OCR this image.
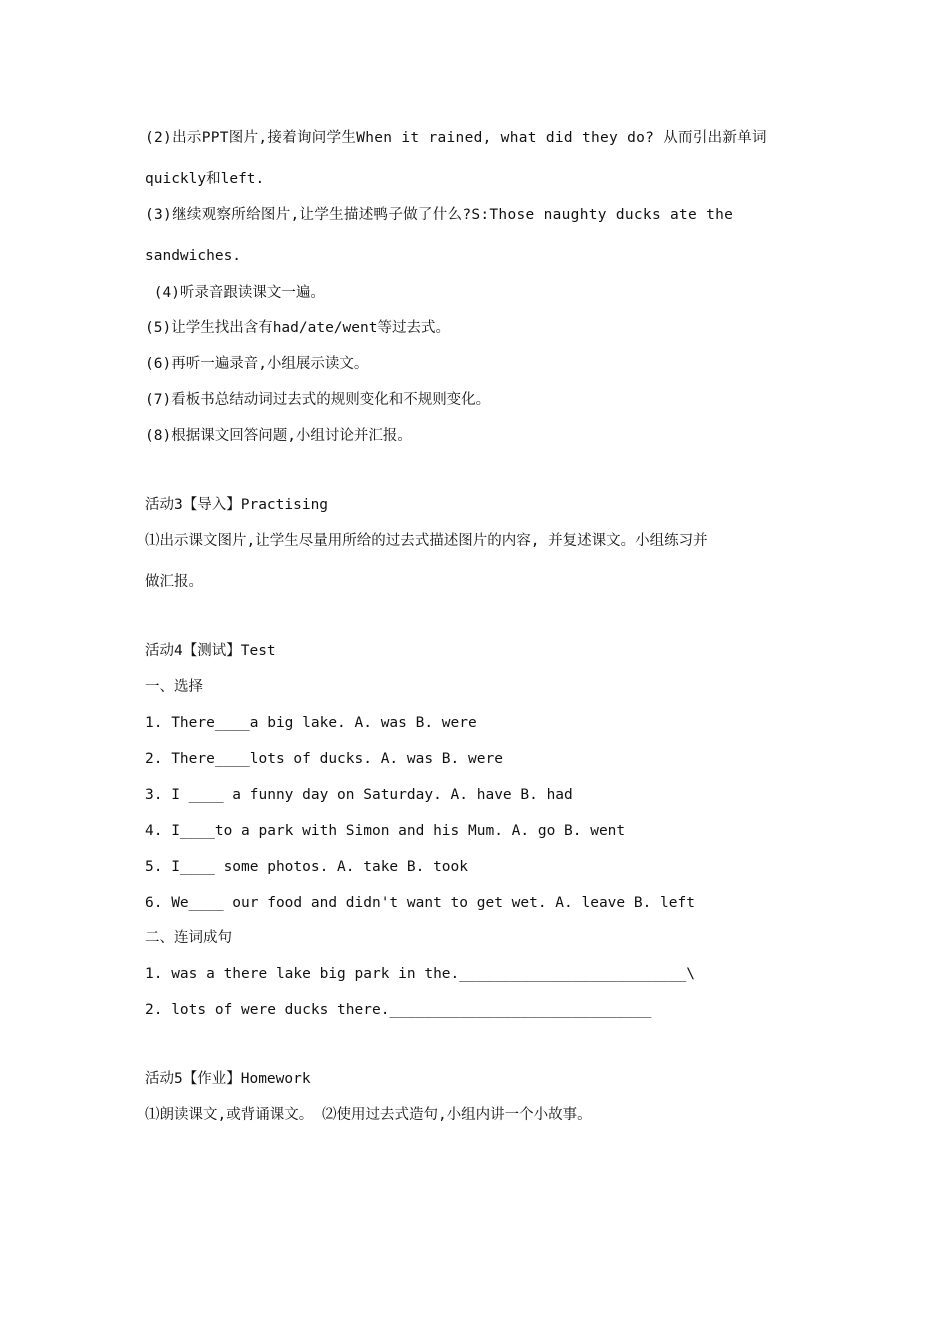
(2)出示PPT图片,接着询问学生When it rained, what did they do? 从而引出新单词
quickly和left.
(3)继续观察所给图片,让学生描述鸭子做了什么?S:Those naughty ducks ate the
sandwiches.
(4)听录音跟读课文一遍。
(5)让学生找出含有had/ate/went等过去式。
(6)再听一遍录音,小组展示读文。
(7)看板书总结动词过去式的规则变化和不规则变化。
(8)根据课文回答问题,小组讨论并汇报。
活动3【导入】Practising
⑴出示课文图片,让学生尽量用所给的过去式描述图片的内容, 并复述课文。小组练习并
做汇报。
活动4【测试】Test
一、选择
1. There____a big lake. A. was B. were
2. There____lots of ducks. A. was B. were
3. I ____ a funny day on Saturday. A. have B. had
4. I____to a park with Simon and his Mum. A. go B. went
5. I____ some photos. A. take B. took
6. We____ our food and didn't want to get wet. A. leave B. left
二、连词成句
1. was a there lake big park in the.__________________________\
2. lots of were ducks there.______________________________
活动5【作业】Homework
⑴朗读课文,或背诵课文。 ⑵使用过去式造句,小组内讲一个小故事。
